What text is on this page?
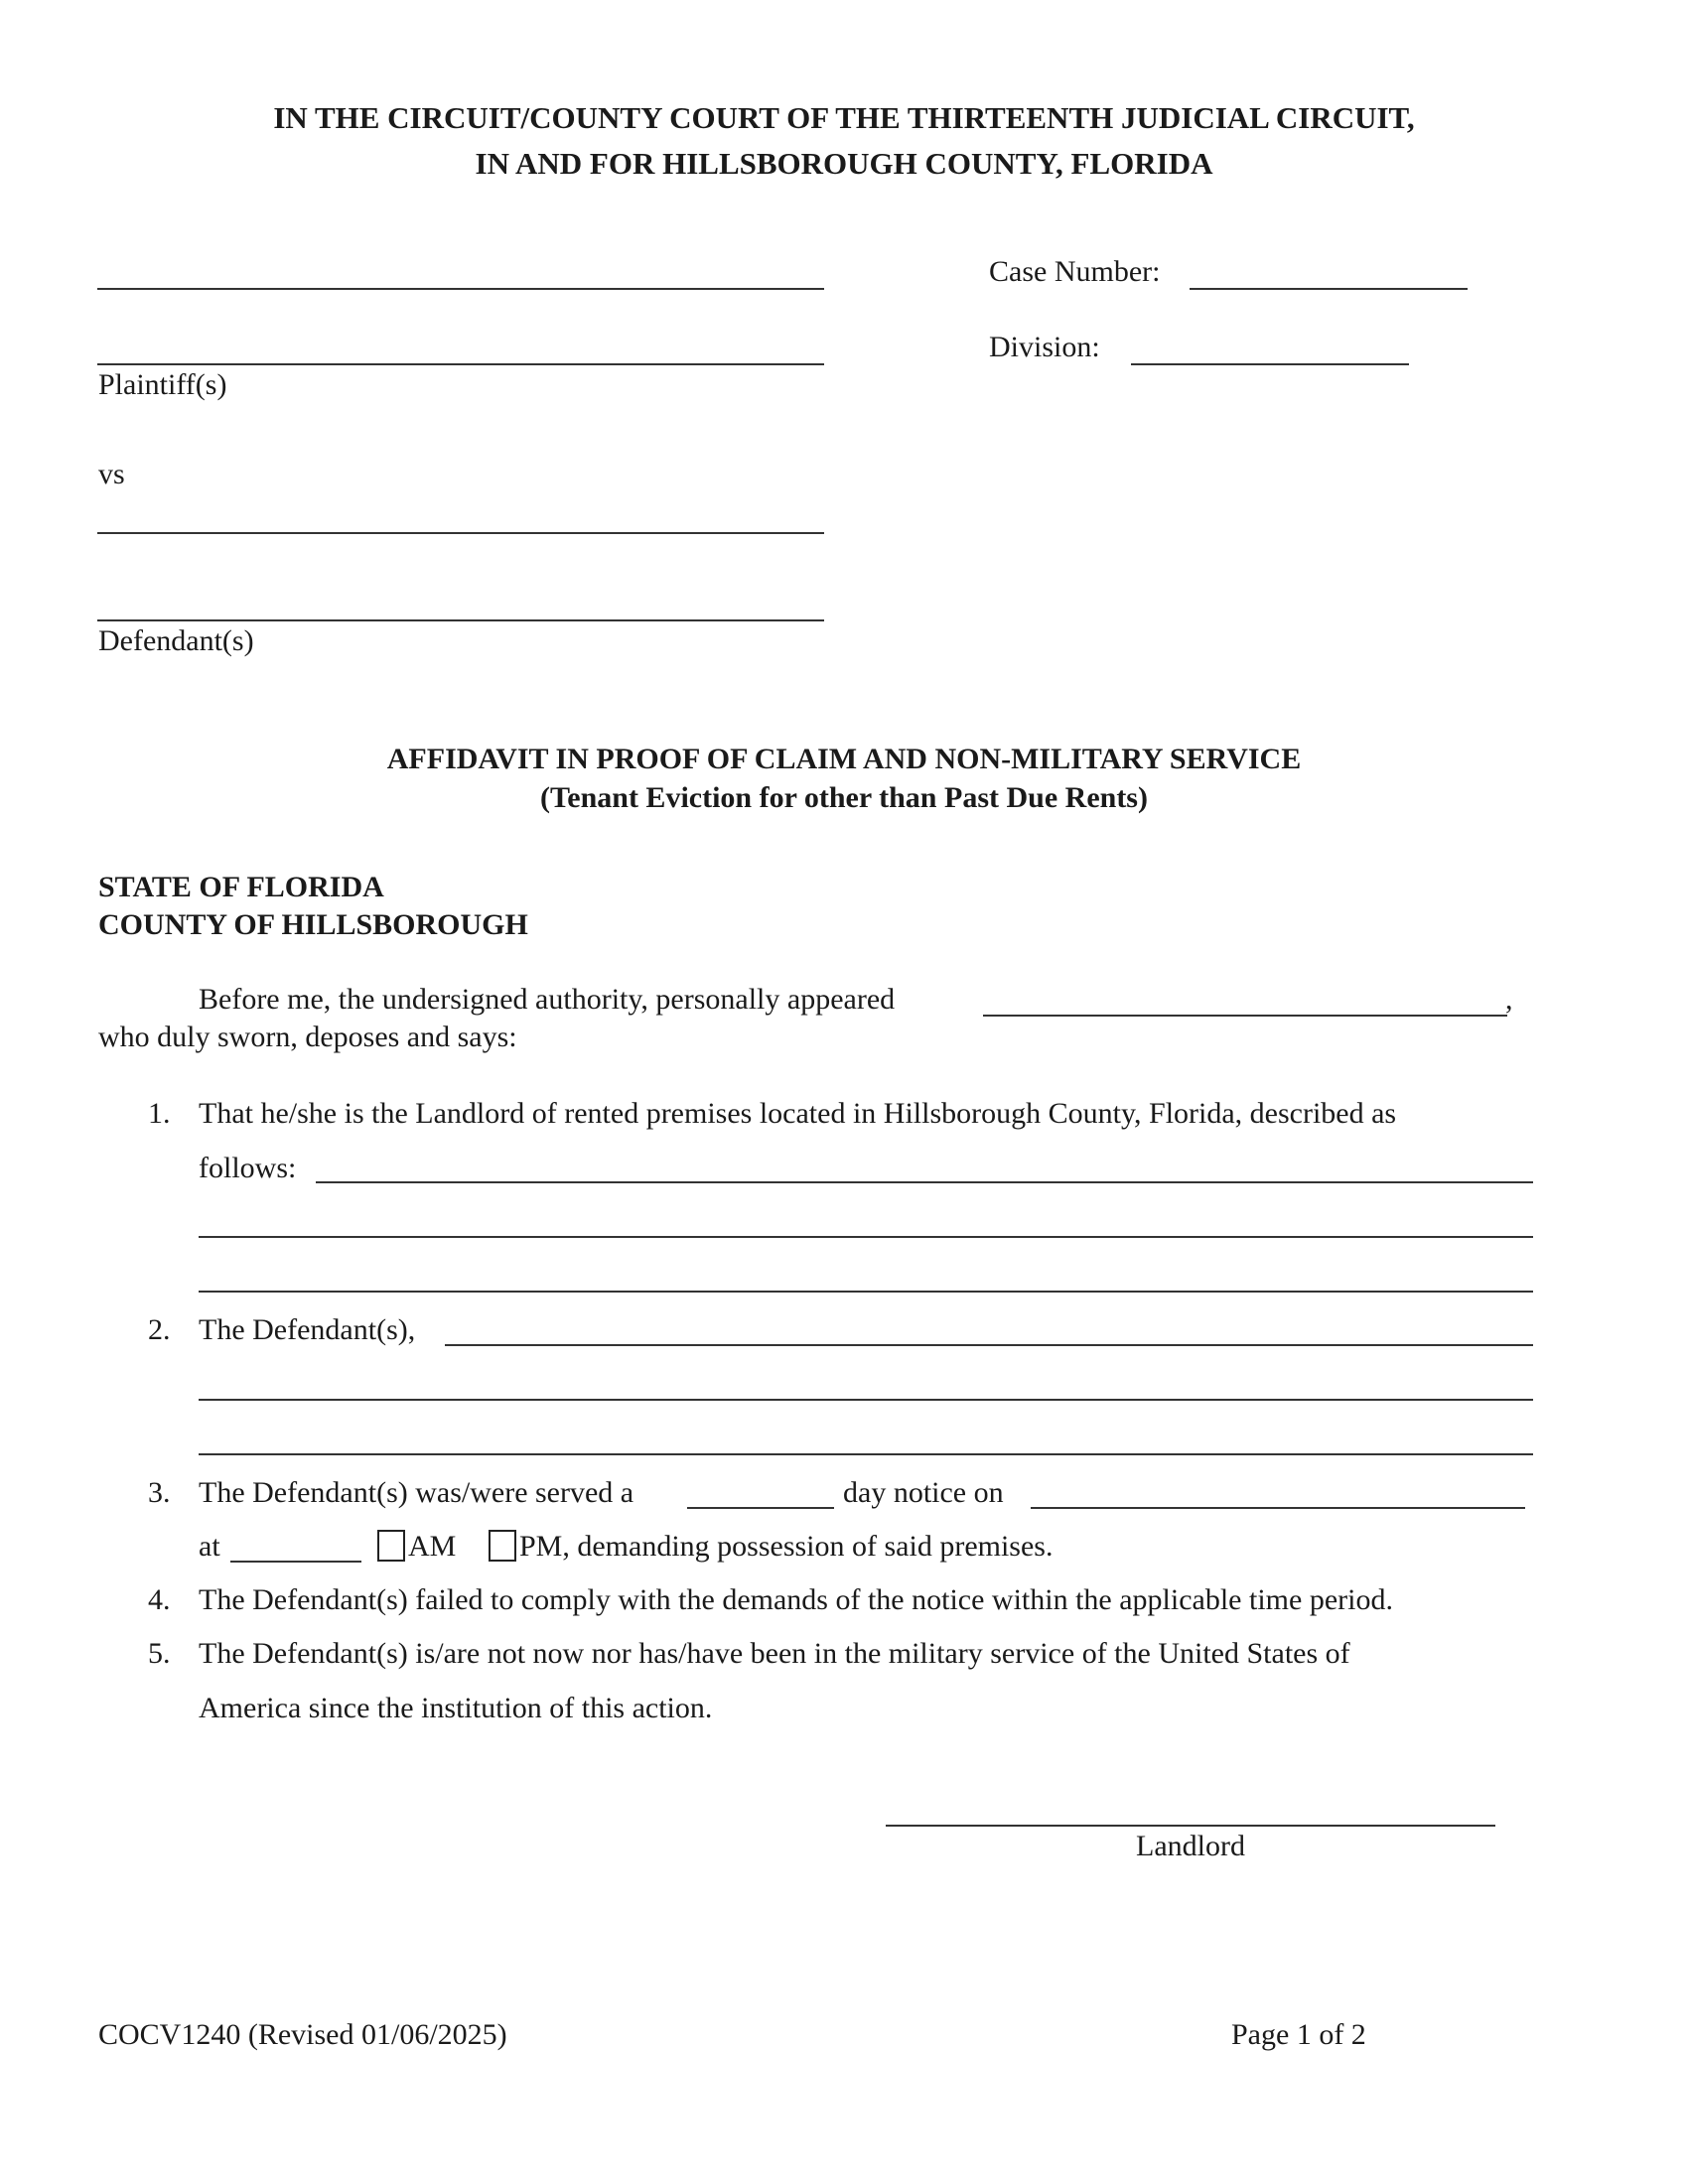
IN THE CIRCUIT/COUNTY COURT OF THE THIRTEENTH JUDICIAL CIRCUIT,
IN AND FOR HILLSBOROUGH COUNTY, FLORIDA
Plaintiff(s)
vs
Defendant(s)
Case Number:
Division:
AFFIDAVIT IN PROOF OF CLAIM AND NON-MILITARY SERVICE
(Tenant Eviction for other than Past Due Rents)
STATE OF FLORIDA
COUNTY OF HILLSBOROUGH
Before me, the undersigned authority, personally appeared	,
who duly sworn, deposes and says:
1. That he/she is the Landlord of rented premises located in Hillsborough County, Florida, described as
follows:
2. The Defendant(s),
3. The Defendant(s) was/were served a	day notice on
at	AM PM, demanding possession of said premises.
4. The Defendant(s) failed to comply with the demands of the notice within the applicable time period.
5. The Defendant(s) is/are not now nor has/have been in the military service of the United States of
America since the institution of this action.
Landlord
COCV1240 (Revised 01/06/2025)	Page 1 of 2
